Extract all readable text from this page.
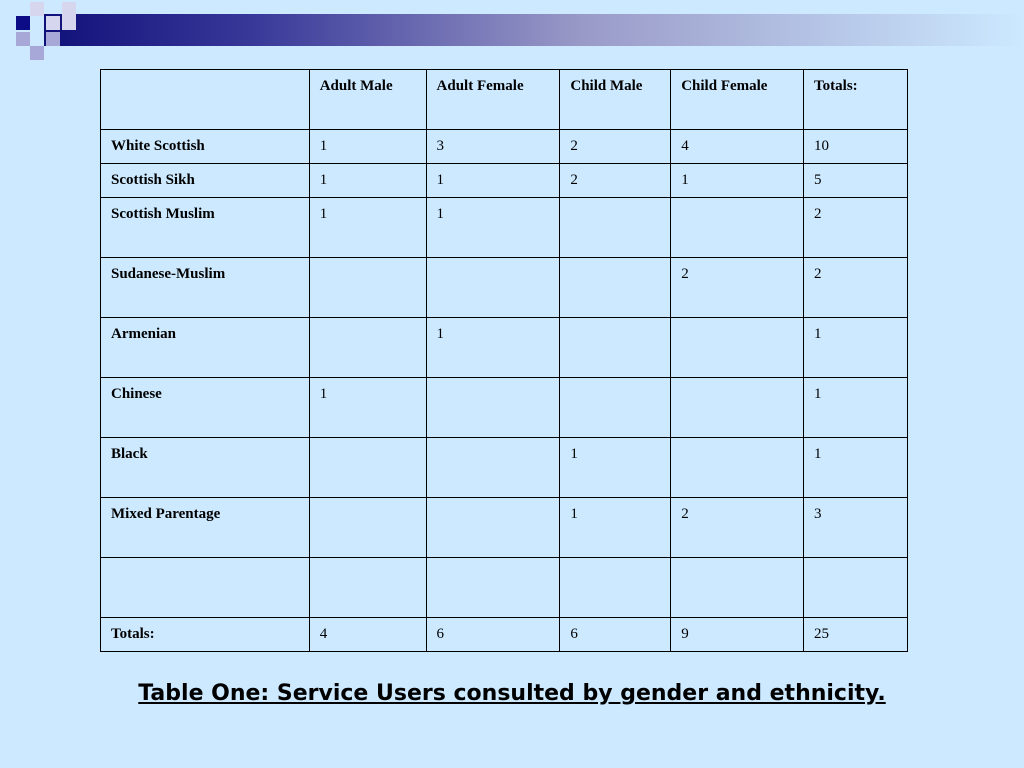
	Adult Male	Adult Female	Child Male	Child Female	Totals:
White Scottish	1	3	2	4	10
Scottish Sikh	1	1	2	1	5
Scottish Muslim	1	1			2
Sudanese-Muslim				2	2
Armenian		1			1
Chinese	1				1
Black			1		1
Mixed Parentage			1	2	3

Totals:	4	6	6	9	25
Table One: Service Users consulted by gender and ethnicity.
